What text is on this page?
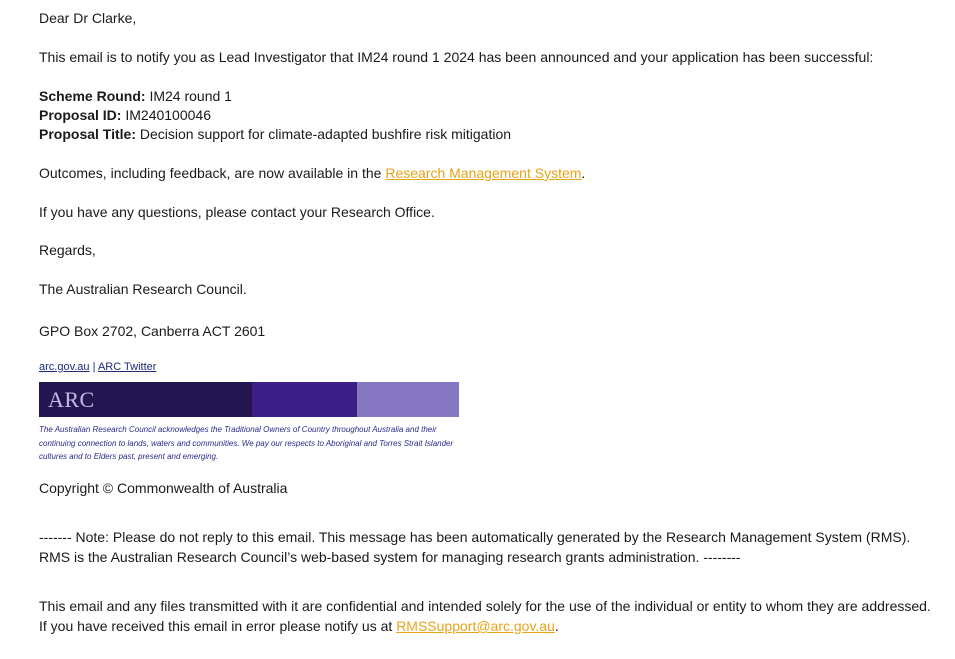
Dear Dr Clarke,
This email is to notify you as Lead Investigator that IM24 round 1 2024 has been announced and your application has been successful:
Scheme Round: IM24 round 1
Proposal ID: IM240100046
Proposal Title: Decision support for climate-adapted bushfire risk mitigation
Outcomes, including feedback, are now available in the Research Management System.
If you have any questions, please contact your Research Office.
Regards,
The Australian Research Council.
GPO Box 2702, Canberra ACT 2601
arc.gov.au | ARC Twitter
ARC
The Australian Research Council acknowledges the Traditional Owners of Country throughout Australia and their continuing connection to lands, waters and communities. We pay our respects to Aboriginal and Torres Strait Islander cultures and to Elders past, present and emerging.
Copyright © Commonwealth of Australia
------- Note: Please do not reply to this email. This message has been automatically generated by the Research Management System (RMS). RMS is the Australian Research Council’s web-based system for managing research grants administration. --------
This email and any files transmitted with it are confidential and intended solely for the use of the individual or entity to whom they are addressed. If you have received this email in error please notify us at RMSSupport@arc.gov.au.
